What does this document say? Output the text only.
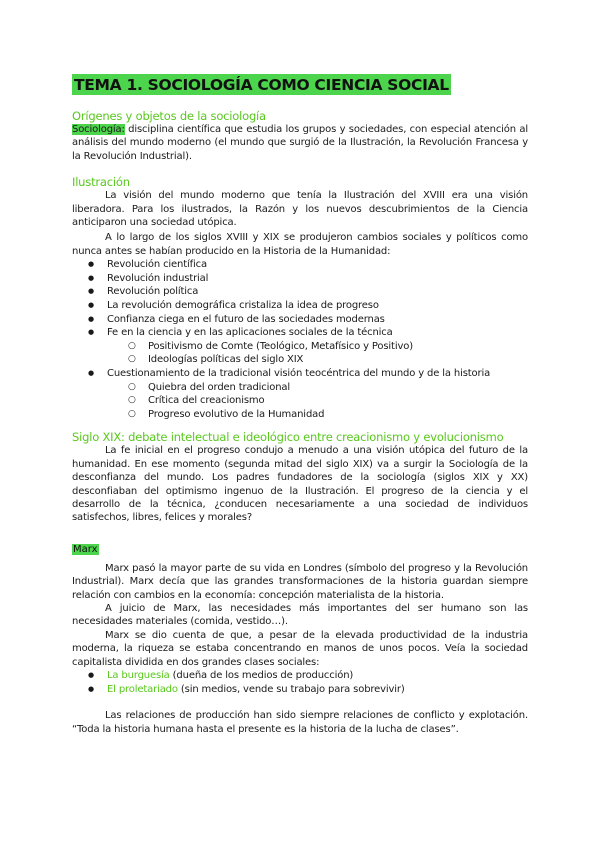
TEMA 1. SOCIOLOGÍA COMO CIENCIA SOCIAL
Orígenes y objetos de la sociología

Sociología: disciplina científica que estudia los grupos y sociedades, con especial atención al análisis del mundo moderno (el mundo que surgió de la Ilustración, la Revolución Francesa y la Revolución Industrial).

Ilustración

La visión del mundo moderno que tenía la Ilustración del XVIII era una visión liberadora. Para los ilustrados, la Razón y los nuevos descubrimientos de la Ciencia anticiparon una sociedad utópica.

A lo largo de los siglos XVIII y XIX se produjeron cambios sociales y políticos como nunca antes se habían producido en la Historia de la Humanidad:

● Revolución científica
● Revolución industrial
● Revolución política
● La revolución demográfica cristaliza la idea de progreso
● Confianza ciega en el futuro de las sociedades modernas
● Fe en la ciencia y en las aplicaciones sociales de la técnica
○ Positivismo de Comte (Teológico, Metafísico y Positivo)
○ Ideologías políticas del siglo XIX
● Cuestionamiento de la tradicional visión teocéntrica del mundo y de la historia
○ Quiebra del orden tradicional
○ Crítica del creacionismo
○ Progreso evolutivo de la Humanidad
Siglo XIX: debate intelectual e ideológico entre creacionismo y evolucionismo

La fe inicial en el progreso condujo a menudo a una visión utópica del futuro de la humanidad. En ese momento (segunda mitad del siglo XIX) va a surgir la Sociología de la desconfianza del mundo. Los padres fundadores de la sociología (siglos XIX y XX) desconfiaban del optimismo ingenuo de la Ilustración. El progreso de la ciencia y el desarrollo de la técnica, ¿conducen necesariamente a una sociedad de individuos satisfechos, libres, felices y morales?

Marx

Marx pasó la mayor parte de su vida en Londres (símbolo del progreso y la Revolución Industrial). Marx decía que las grandes transformaciones de la historia guardan siempre relación con cambios en la economía: concepción materialista de la historia.

A juicio de Marx, las necesidades más importantes del ser humano son las necesidades materiales (comida, vestido…).

Marx se dio cuenta de que, a pesar de la elevada productividad de la industria moderna, la riqueza se estaba concentrando en manos de unos pocos. Veía la sociedad capitalista dividida en dos grandes clases sociales:

● La burguesía (dueña de los medios de producción)
● El proletariado (sin medios, vende su trabajo para sobrevivir)

Las relaciones de producción han sido siempre relaciones de conflicto y explotación. “Toda la historia humana hasta el presente es la historia de la lucha de clases”.
